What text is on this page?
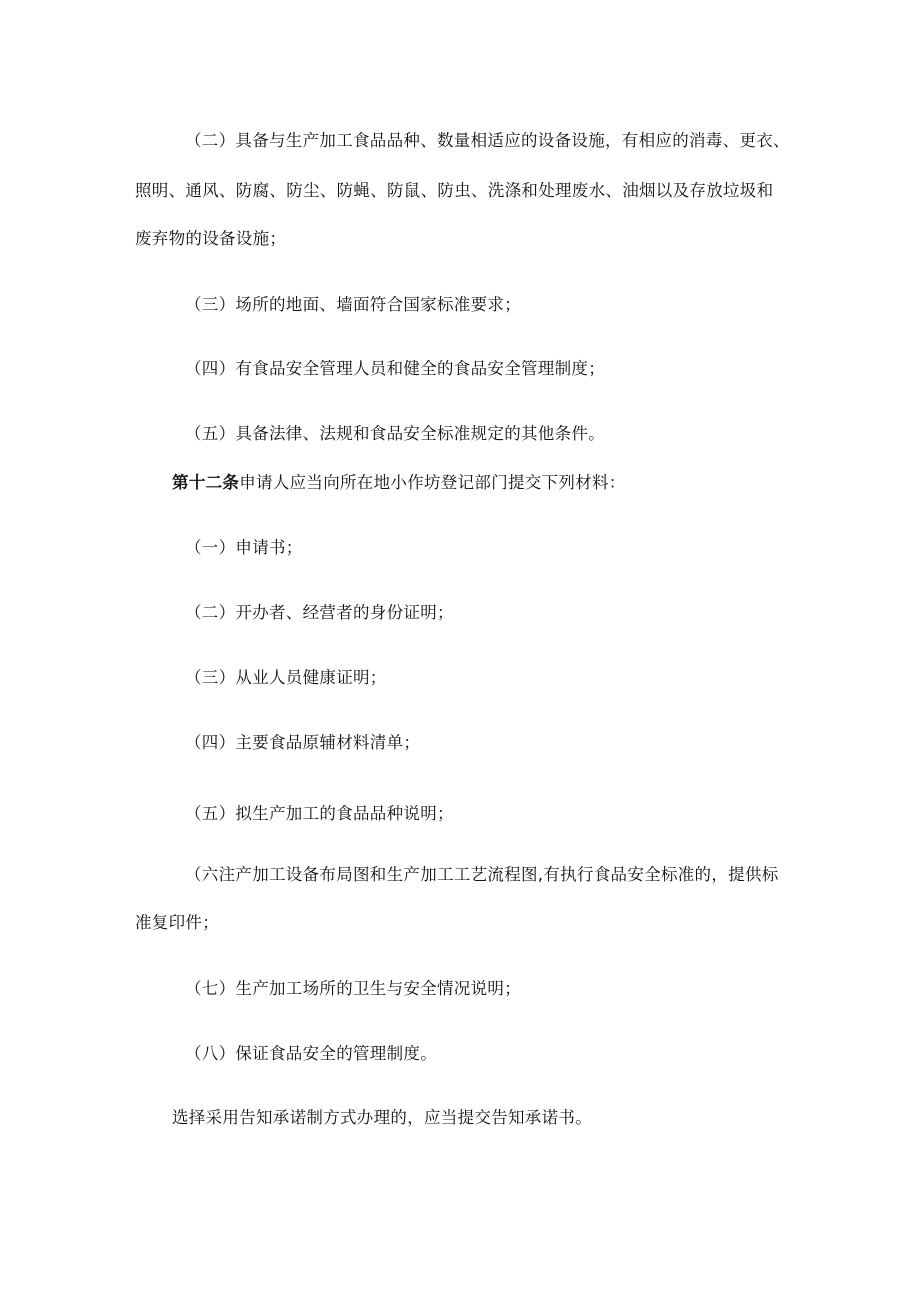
（二）具备与生产加工食品品种、数量相适应的设备设施，有相应的消毒、更衣、
照明、通风、防腐、防尘、防蝇、防鼠、防虫、洗涤和处理废水、油烟以及存放垃圾和
废弃物的设备设施；
（三）场所的地面、墙面符合国家标准要求；
（四）有食品安全管理人员和健全的食品安全管理制度；
（五）具备法律、法规和食品安全标准规定的其他条件。
第十二条申请人应当向所在地小作坊登记部门提交下列材料：
（一）申请书；
（二）开办者、经营者的身份证明；
（三）从业人员健康证明；
（四）主要食品原辅材料清单；
（五）拟生产加工的食品品种说明；
（六注产加工设备布局图和生产加工工艺流程图,有执行食品安全标准的，提供标
准复印件；
（七）生产加工场所的卫生与安全情况说明；
（八）保证食品安全的管理制度。
选择采用告知承诺制方式办理的，应当提交告知承诺书。
